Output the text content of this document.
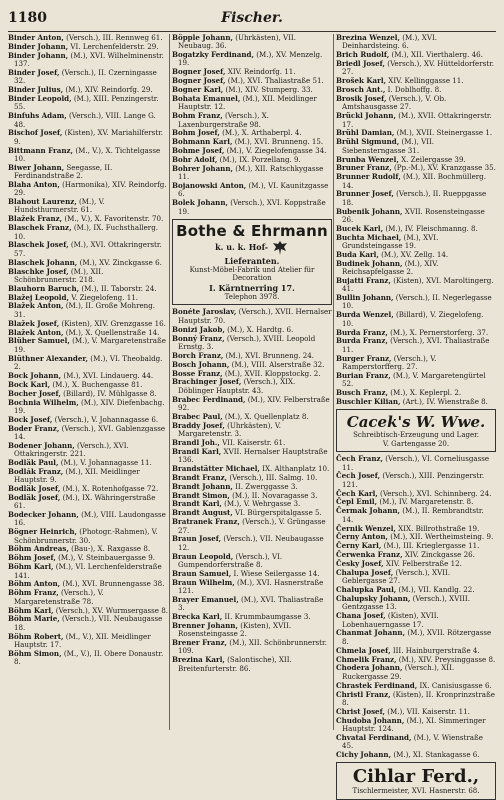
1180	Fischer.
Binder Anton, (Versch.), III. Rennweg 61.
Binder Johann, VI. Lerchenfelderstr. 29.
Binder Johann, (M.), XVI. Wilhelminenstr. 137.
Binder Josef, (Versch.), II. Czerningasse 32.
Binder Julius, (M.), XIV. Reindorfg. 29.
Binder Leopold, (M.), XIII. Penzingerstr. 55.
Binfuhs Adam, (Versch.), VIII. Lange G. 48.
Bischof Josef, (Kisten), XV. Mariahilferstr. 9.
Bittmann Franz, (M., V.), X. Tichtelgasse 10.
Biwer Johann, Seegasse, II. Ferdinandstraße 2.
Blaha Anton, (Harmonika), XIV. Reindorfg. 29.
Blahout Laurenz, (M.), V. Hundsthurmerstr. 61.
Blažek Franz, (M., V.), X. Favoritenstr. 70.
Blaschek Franz, (M.), IX. Fuchsthallerg. 10.
Blaschek Josef, (M.), XVI. Ottakringerstr. 57.
Blaschek Johann, (M.), XV. Zinckgasse 6.
Blaschke Josef, (M.), XII. Schönbrunnerstr. 218.
Blauhorn Baruch, (M.), II. Taborstr. 24.
Blažej Leopold, V. Ziegelofeng. 11.
Blažek Anton, (M.), II. Große Mohreng. 31.
Blažek Josef, (Kisten), XIV. Grenzgasse 16.
Blažek Anton, (M.), X. Quellenstraße 14.
Blüher Samuel, (M.), V. Margaretenstraße 19.
Blüthner Alexander, (M.), VI. Theobaldg. 2.
Bock Johann, (M.), XVI. Lindauerg. 44.
Bock Karl, (M.), X. Buchengasse 81.
Bocher Josef, (Billard), IV. Mühlgasse 8.
Bochnia Wilhelm, (M.), XIV. Diefenbachg. 19.
Bock Josef, (Versch.), V. Johannagasse 6.
Boder Franz, (Versch.), XVI. Gablenzgasse 14.
Bodener Johann, (Versch.), XVI. Ottakringerstr. 221.
Bodläk Paul, (M.), V. Johannagasse 11.
Bodlák Franz, (M.), XII. Meidlinger Hauptstr. 9.
Bodläk Josef, (M.), X. Rotenhofgasse 72.
Bodläk Josef, (M.), IX. Währingerstraße 61.
Bodecker Johann, (M.), VIII. Laudongasse 16.
Bögner Heinrich, (Photogr.-Rahmen), V. Schönbrunnerstr. 30.
Böhm Andreas, (Bau-), X. Raxgasse 8.
Böhm Josef, (M.), V. Steinbauergasse 9.
Böhm Karl, (M.), VI. Lerchenfelderstraße 141.
Böhm Anton, (M.), XVI. Brunnengasse 38.
Böhm Franz, (Versch.), V. Margaretenstraße 78.
Böhm Karl, (Versch.), XV. Wurmsergasse 8.
Böhm Marie, (Versch.), VII. Neubaugasse 18.
Böhm Robert, (M., V.), XII. Meidlinger Hauptstr. 17.
Böhm Simon, (M., V.), II. Obere Donaustr. 8.
Böpple Johann, (Uhrkästen), VII. Neubaug. 36.
Bogatzky Ferdinand, (M.), XV. Menzelg. 19.
Bogner Josef, XIV. Reindorfg. 11.
Bogner Josef, (M.), XVI. Thaliastraße 51.
Bogner Karl, (M.), XIV. Stumperg. 33.
Bohata Emanuel, (M.), XII. Meidlinger Hauptstr. 12.
Bohm Franz, (Versch.), X. Laxenburgerstraße 98.
Bohm Josef, (M.), X. Arthaberpl. 4.
Bohmann Karl, (M.), XVI. Brunneng. 15.
Bohme Josef, (M.), V. Ziegelofengasse 34.
Bohr Adolf, (M.), IX. Porzellang. 9.
Bohrer Johann, (M.), XII. Ratschkygasse 11.
Bojanowski Anton, (M.), VI. Kaunitzgasse 6.
Bolek Johann, (Versch.), XVI. Koppstraße 19.
Bothe & Ehrmann
k. u. k. Hof-
Lieferanten.
Kunst-Möbel-Fabrik und Atelier für Decoration
I. Kärntnerring 17.
Telephon 3978.
Bonéte Jaroslav, (Versch.), XVII. Hernalser Hauptstr. 70.
Bonizi Jakob, (M.), X. Hardtg. 6.
Bonný Franz, (Versch.), XVIII. Leopold Ernstg. 3.
Borch Franz, (M.), XVI. Brunneng. 24.
Bosch Johann, (M.), VIII. Alserstraße 32.
Bosse Franz, (M.), XVII. Kloppstockg. 2.
Brachinger Josef, (Versch.), XIX. Döblinger Hauptstr. 43.
Brabec Ferdinand, (M.), XIV. Felberstraße 92.
Brabec Paul, (M.), X. Quellenplatz 8.
Braddy Josef, (Uhrkästen), V. Margaretenstr. 3.
Brandl Joh., VII. Kaiserstr. 61.
Brandl Karl, XVII. Hernalser Hauptstraße 136.
Brandstätter Michael, IX. Althanplatz 10.
Brandt Franz, (Versch.), III. Salmg. 10.
Brandt Johann, II. Zwerggasse 3.
Brandt Simon, (M.), II. Novaragasse 3.
Brandt Karl, (M.), V. Wehrgasse 3.
Brandt August, VI. Bürgerspitalgasse 5.
Bratranek Franz, (Versch.), V. Grüngasse 27.
Braun Josef, (Versch.), VII. Neubaugasse 12.
Braun Leopold, (Versch.), VI. Gumpendorferstraße 8.
Braun Samuel, I. Wiese Seilergasse 14.
Braun Wilhelm, (M.), XVI. Hasnerstraße 121.
Brayer Emanuel, (M.), XVI. Thaliastraße 3.
Brecka Karl, II. Krummbaumgasse 3.
Brenner Johann, (Kisten), XVII. Rosensteingasse 2.
Brener Franz, (M.), XII. Schönbrunnerstr. 109.
Brezina Karl, (Salontische), XII. Breitenfurterstr. 86.
Brezina Wenzel, (M.), XVI. Deinhardsteing. 6.
Brich Rudolf, (M.), XII. Vierthalerg. 46.
Briedl Josef, (Versch.), XV. Hütteldorferstr. 27.
Brošek Karl, XIV. Kellinggasse 11.
Brosch Ant., I. Doblhoffg. 8.
Brosik Josef, (Versch.), V. Ob. Amtshausgasse 27.
Brückl Johann, (M.), XVII. Ottakringerstr. 17.
Brühl Damian, (M.), XVII. Steinergasse 1.
Brühl Sigmund, (M.), VII. Siebensterngasse 31.
Brunba Wenzel, X. Zeilergasse 39.
Bruner Franz, (Pp.-M.), XV. Kranzgasse 35.
Brunner Rudolf, (M.), XII. Bochmüllerg. 14.
Brunner Josef, (Versch.), II. Rueppgasse 18.
Bubenik Johann, XVII. Rosensteingasse 26.
Bucek Karl, (M.), IV. Fleischmanng. 8.
Buchta Michael, (M.), XVI. Grundsteingasse 19.
Buda Karl, (M.), XV. Zellg. 14.
Budinek Johann, (M.), XIV. Reichsapfelgasse 2.
Bujatti Franz, (Kisten), XVI. Maroltingerg. 41.
Bullin Johann, (Versch.), II. Negerlegasse 10.
Burda Wenzel, (Billard), V. Ziegelofeng. 10.
Burda Franz, (M.), X. Pernerstorferg. 37.
Burda Franz, (Versch.), XVI. Thaliastraße 11.
Burger Franz, (Versch.), V. Ramperstorfferg. 27.
Burian Franz, (M.), V. Margaretengürtel 52.
Busch Franz, (M.), X. Keplerpl. 2.
Buschler Kilian, (Art.), IV. Wienstraße 8.
Cacek's W. Wwe.
Schreibtisch-Erzeugung und Lager.
V. Gartengasse 20.
Čech Franz, (Versch.), VI. Corneliusgasse 11.
Čech Josef, (Versch.), XIII. Penzingerstr. 121.
Čech Karl, (Versch.), XVI. Schinnberg. 24.
Čepl Emil, (M.), IV. Margaretenstr. 8.
Čermak Johann, (M.), II. Rembrandtstr. 14.
Černik Wenzel, XIX. Billrothstraße 19.
Černy Anton, (M.), XII. Wertheimsteing. 9.
Černy Karl, (M.), III. Krieglergasse 11.
Čerwenka Franz, XIV. Zinckgasse 26.
Česky Josef, XIV. Felberstraße 12.
Chalupa Josef, (Versch.), XVII. Geblergasse 27.
Chalupka Paul, (M.), VII. Kandlg. 22.
Chalupsky Johann, (Versch.), XVIII. Gentzgasse 13.
Chana Josef, (Kisten), XVII. Lobenhauerngasse 17.
Chanmat Johann, (M.), XVII. Rötzergasse 8.
Chmela Josef, III. Hainburgerstraße 4.
Chmelik Franz, (M.), XIV. Preysinggasse 8.
Chodera Johann, (Versch.), XII. Ruckergasse 29.
Chrastek Ferdinand, IX. Canisiusgasse 6.
Christl Franz, (Kisten), II. Kronprinzstraße 8.
Christ Josef, (M.), VII. Kaiserstr. 11.
Chudoba Johann, (M.), XI. Simmeringer Hauptstr. 124.
Chvatal Ferdinand, (M.), V. Wienstraße 45.
Cichy Johann, (M.), XI. Stankagasse 6.
Cihlar Ferd.,
Tischlermeister, XVI. Hasnerstr. 68.
